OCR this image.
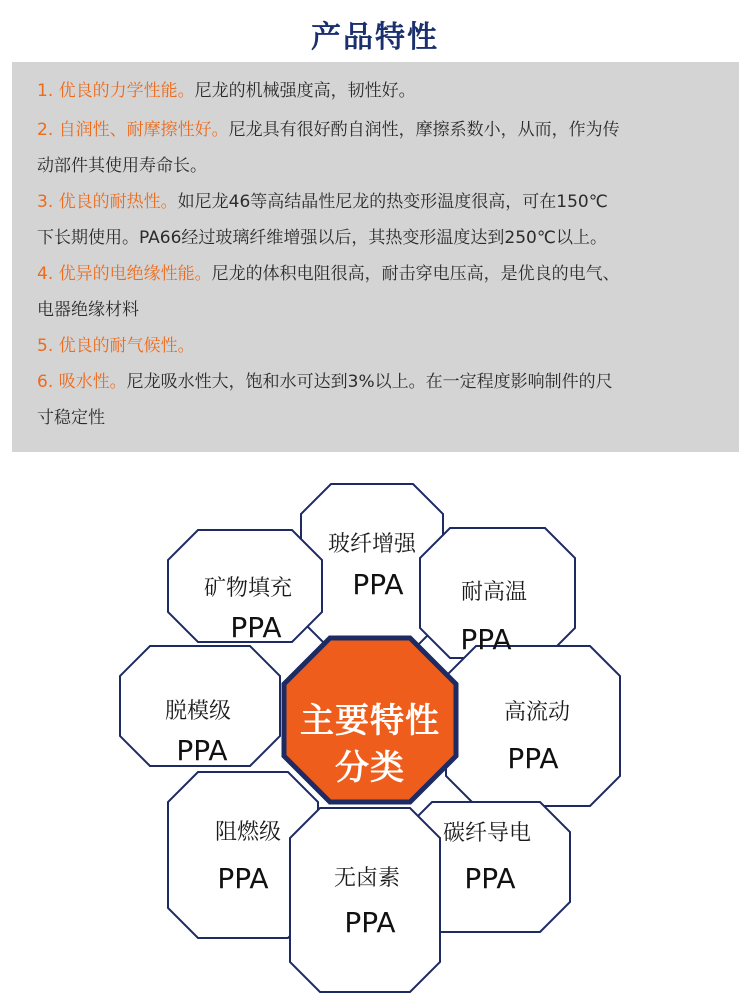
产品特性
1. 优良的力学性能。尼龙的机械强度高，韧性好。
2. 自润性、耐摩擦性好。尼龙具有很好酌自润性，摩擦系数小，从而，作为传
动部件其使用寿命长。
3. 优良的耐热性。如尼龙46等高结晶性尼龙的热变形温度很高，可在150℃
下长期使用。PA66经过玻璃纤维增强以后，其热变形温度达到250℃以上。
4. 优异的电绝缘性能。尼龙的体积电阻很高，耐击穿电压高，是优良的电气、
电器绝缘材料
5. 优良的耐气候性。
6. 吸水性。尼龙吸水性大，饱和水可达到3%以上。在一定程度影响制件的尺
寸稳定性
主要特性
分类
玻纤增强
PPA	耐高温
PPA
高流动
PPA
碳纤导电
PPA
无卤素
PPA
阻燃级
PPA
脱模级
PPA
矿物填充
PPA
